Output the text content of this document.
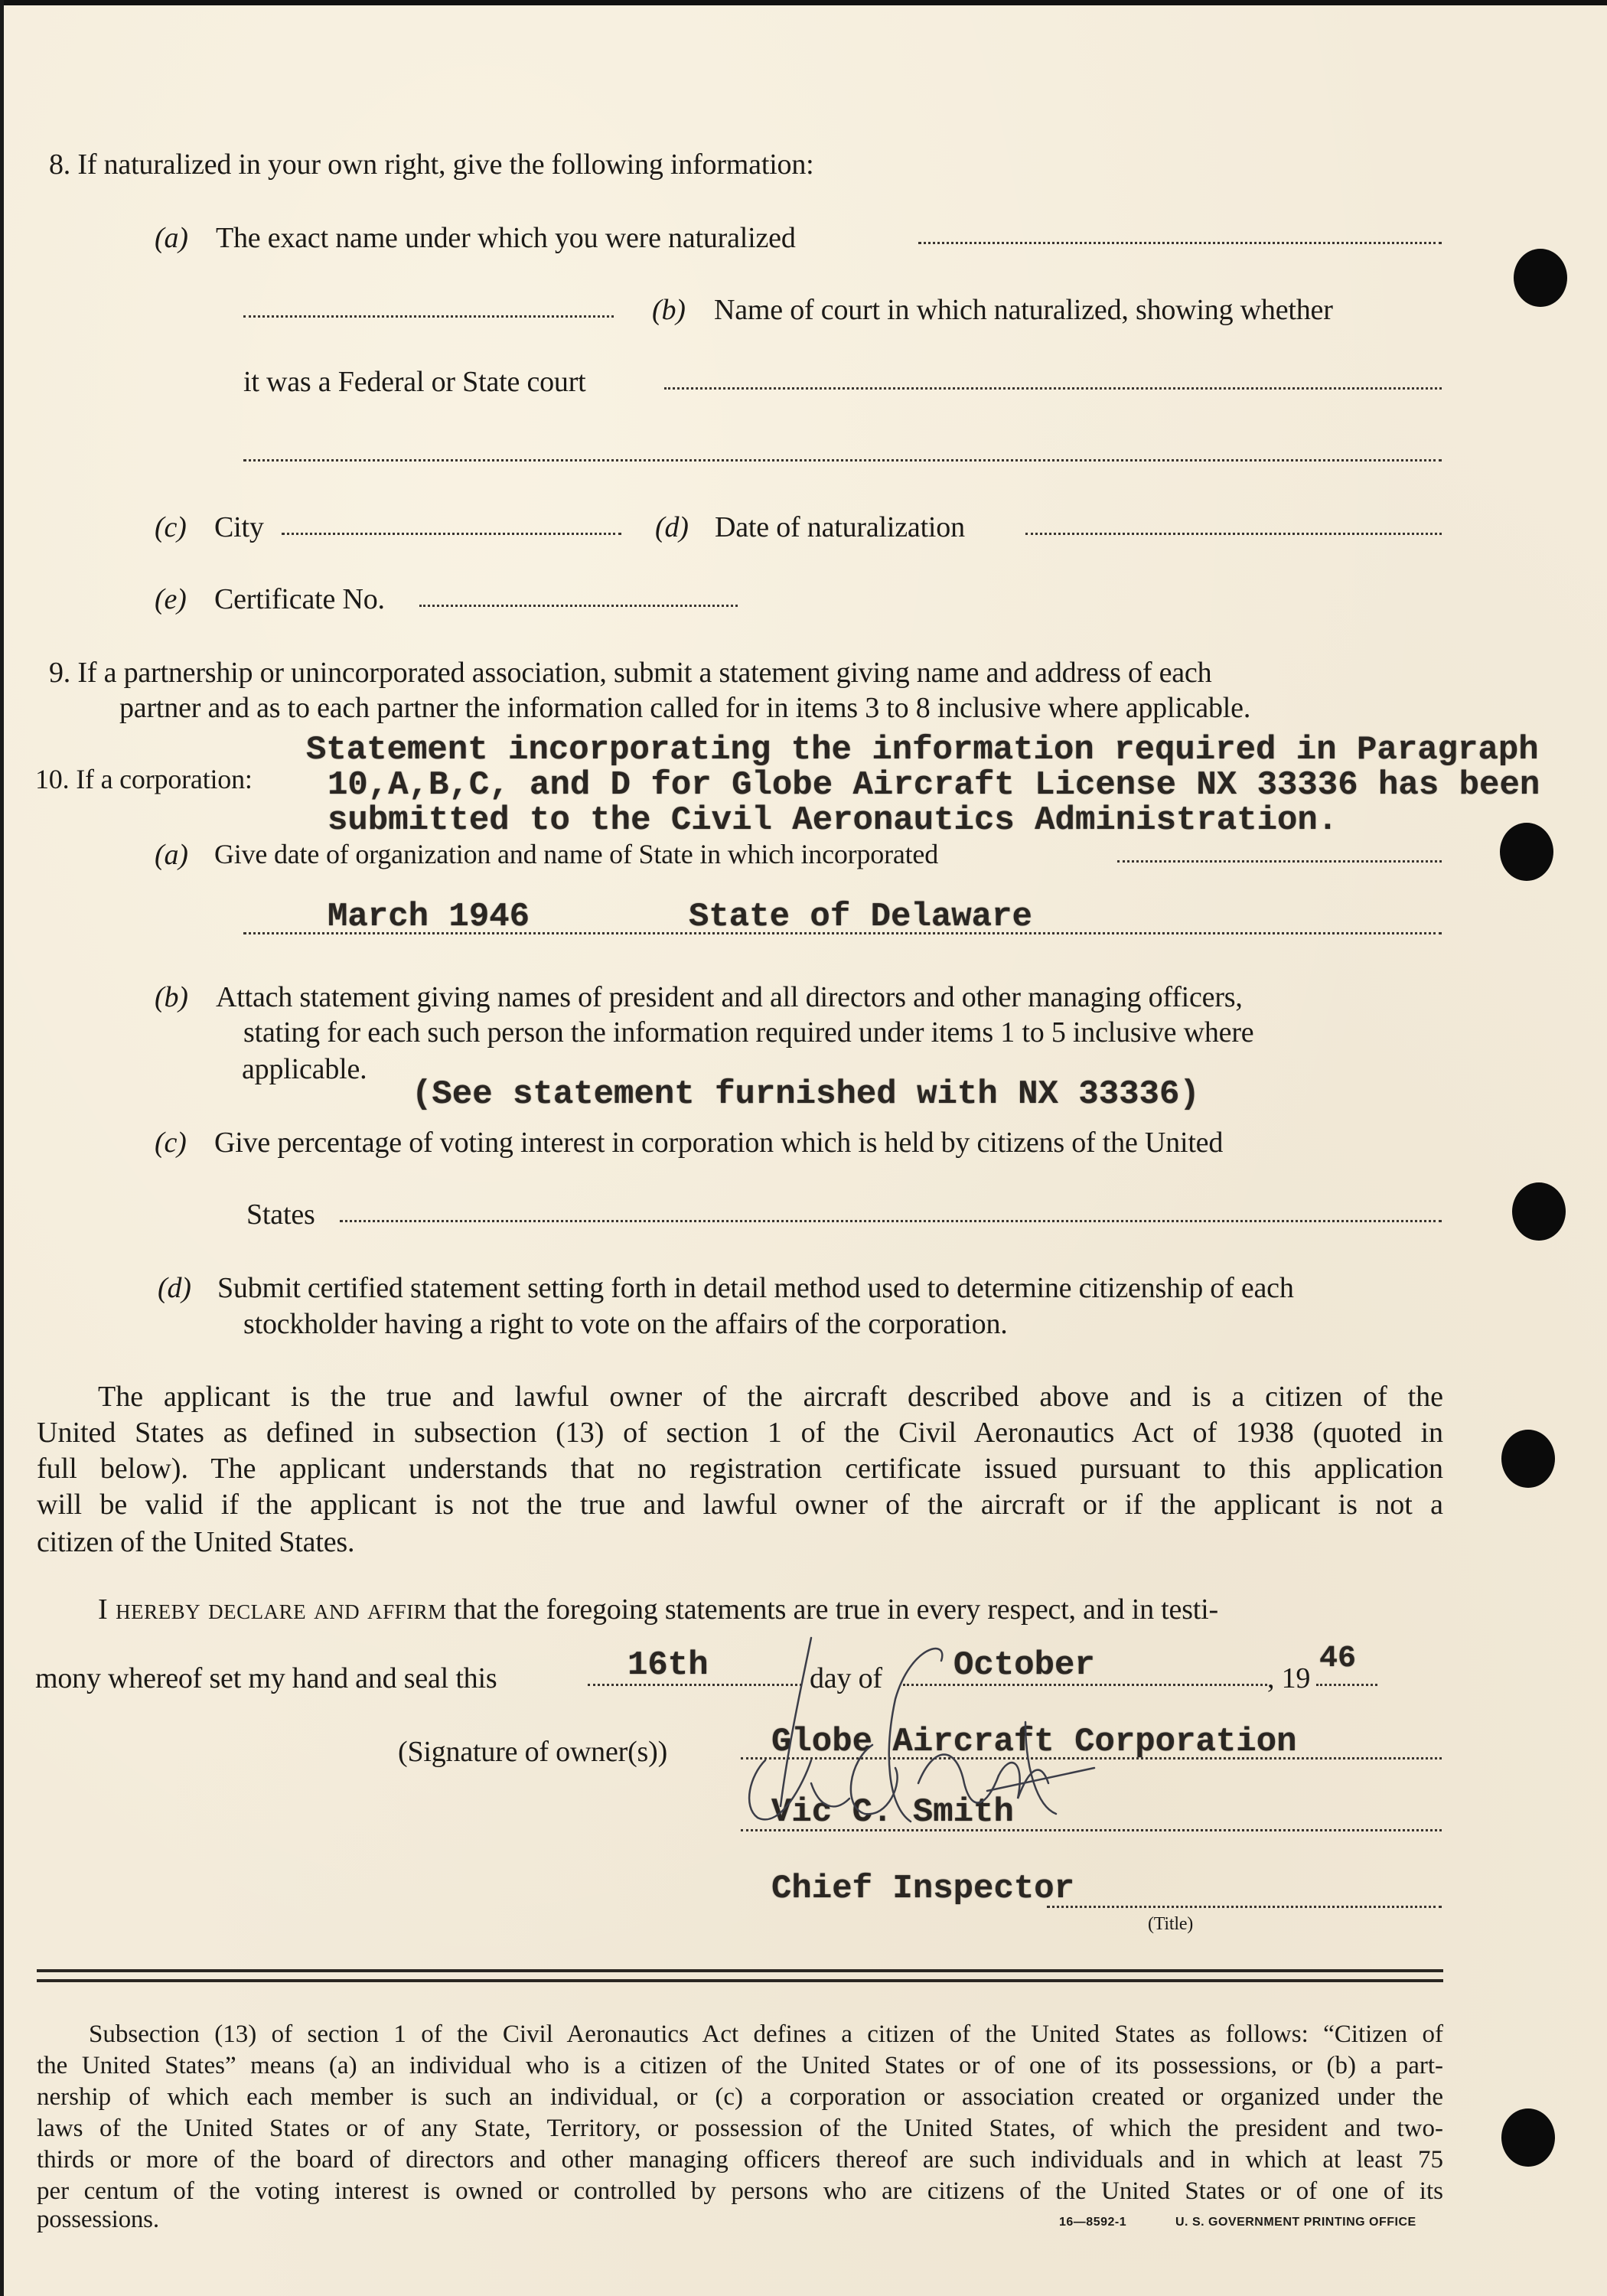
8. If naturalized in your own right, give the following information:
(a) The exact name under which you were naturalized
(b) Name of court in which naturalized, showing whether
it was a Federal or State court
(c) City	(d) Date of naturalization
(e) Certificate No.
9. If a partnership or unincorporated association, submit a statement giving name and address of each
partner and as to each partner the information called for in items 3 to 8 inclusive where applicable.
10. If a corporation:
Statement incorporating the information required in Paragraph
10,A,B,C, and D for Globe Aircraft License NX 33336 has been
submitted to the Civil Aeronautics Administration.
(a) Give date of organization and name of State in which incorporated
March 1946	State of Delaware
(b) Attach statement giving names of president and all directors and other managing officers,
stating for each such person the information required under items 1 to 5 inclusive where
applicable.
(See statement furnished with NX 33336)
(c) Give percentage of voting interest in corporation which is held by citizens of the United
States
(d) Submit certified statement setting forth in detail method used to determine citizenship of each
stockholder having a right to vote on the affairs of the corporation.
The applicant is the true and lawful owner of the aircraft described above and is a citizen of the
United States as defined in subsection (13) of section 1 of the Civil Aeronautics Act of 1938 (quoted in
full below). The applicant understands that no registration certificate issued pursuant to this application
will be valid if the applicant is not the true and lawful owner of the aircraft or if the applicant is not a
citizen of the United States.
I hereby declare and affirm that the foregoing statements are true in every respect, and in testi-
mony whereof set my hand and seal this	16th	day of October	, 19
46
(Signature of owner(s))	Globe Aircraft Corporation
Vic C. Smith
Chief Inspector
(Title)
Subsection (13) of section 1 of the Civil Aeronautics Act defines a citizen of the United States as follows: “Citizen of
the United States” means (a) an individual who is a citizen of the United States or of one of its possessions, or (b) a part-
nership of which each member is such an individual, or (c) a corporation or association created or organized under the
laws of the United States or of any State, Territory, or possession of the United States, of which the president and two-
thirds or more of the board of directors and other managing officers thereof are such individuals and in which at least 75
per centum of the voting interest is owned or controlled by persons who are citizens of the United States or of one of its
possessions.	16—8592-1	U. S. GOVERNMENT PRINTING OFFICE
